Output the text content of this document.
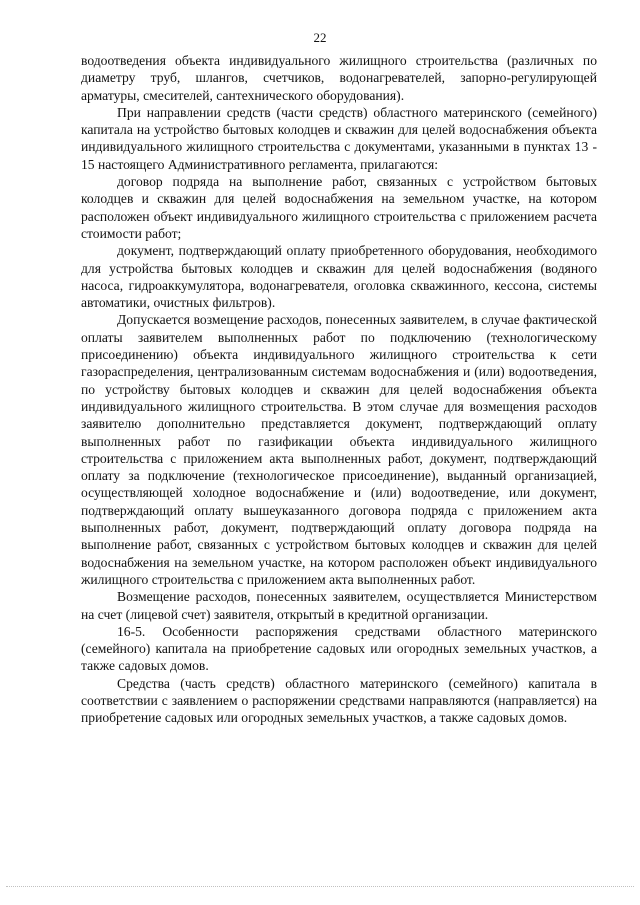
22

водоотведения объекта индивидуального жилищного строительства (различных по диаметру труб, шлангов, счетчиков, водонагревателей, запорно-регулирующей арматуры, смесителей, сантехнического оборудования).

При направлении средств (части средств) областного материнского (семейного) капитала на устройство бытовых колодцев и скважин для целей водоснабжения объекта индивидуального жилищного строительства с документами, указанными в пунктах 13 - 15 настоящего Административного регламента, прилагаются:

договор подряда на выполнение работ, связанных с устройством бытовых колодцев и скважин для целей водоснабжения на земельном участке, на котором расположен объект индивидуального жилищного строительства с приложением расчета стоимости работ;

документ, подтверждающий оплату приобретенного оборудования, необходимого для устройства бытовых колодцев и скважин для целей водоснабжения (водяного насоса, гидроаккумулятора, водонагревателя, оголовка скважинного, кессона, системы автоматики, очистных фильтров).

Допускается возмещение расходов, понесенных заявителем, в случае фактической оплаты заявителем выполненных работ по подключению (технологическому присоединению) объекта индивидуального жилищного строительства к сети газораспределения, централизованным системам водоснабжения и (или) водоотведения, по устройству бытовых колодцев и скважин для целей водоснабжения объекта индивидуального жилищного строительства. В этом случае для возмещения расходов заявителю дополнительно представляется документ, подтверждающий оплату выполненных работ по газификации объекта индивидуального жилищного строительства с приложением акта выполненных работ, документ, подтверждающий оплату за подключение (технологическое присоединение), выданный организацией, осуществляющей холодное водоснабжение и (или) водоотведение, или документ, подтверждающий оплату вышеуказанного договора подряда с приложением акта выполненных работ, документ, подтверждающий оплату договора подряда на выполнение работ, связанных с устройством бытовых колодцев и скважин для целей водоснабжения на земельном участке, на котором расположен объект индивидуального жилищного строительства с приложением акта выполненных работ.

Возмещение расходов, понесенных заявителем, осуществляется Министерством на счет (лицевой счет) заявителя, открытый в кредитной организации.

16-5. Особенности распоряжения средствами областного материнского (семейного) капитала на приобретение садовых или огородных земельных участков, а также садовых домов.

Средства (часть средств) областного материнского (семейного) капитала в соответствии с заявлением о распоряжении средствами направляются (направляется) на приобретение садовых или огородных земельных участков, а также садовых домов.
